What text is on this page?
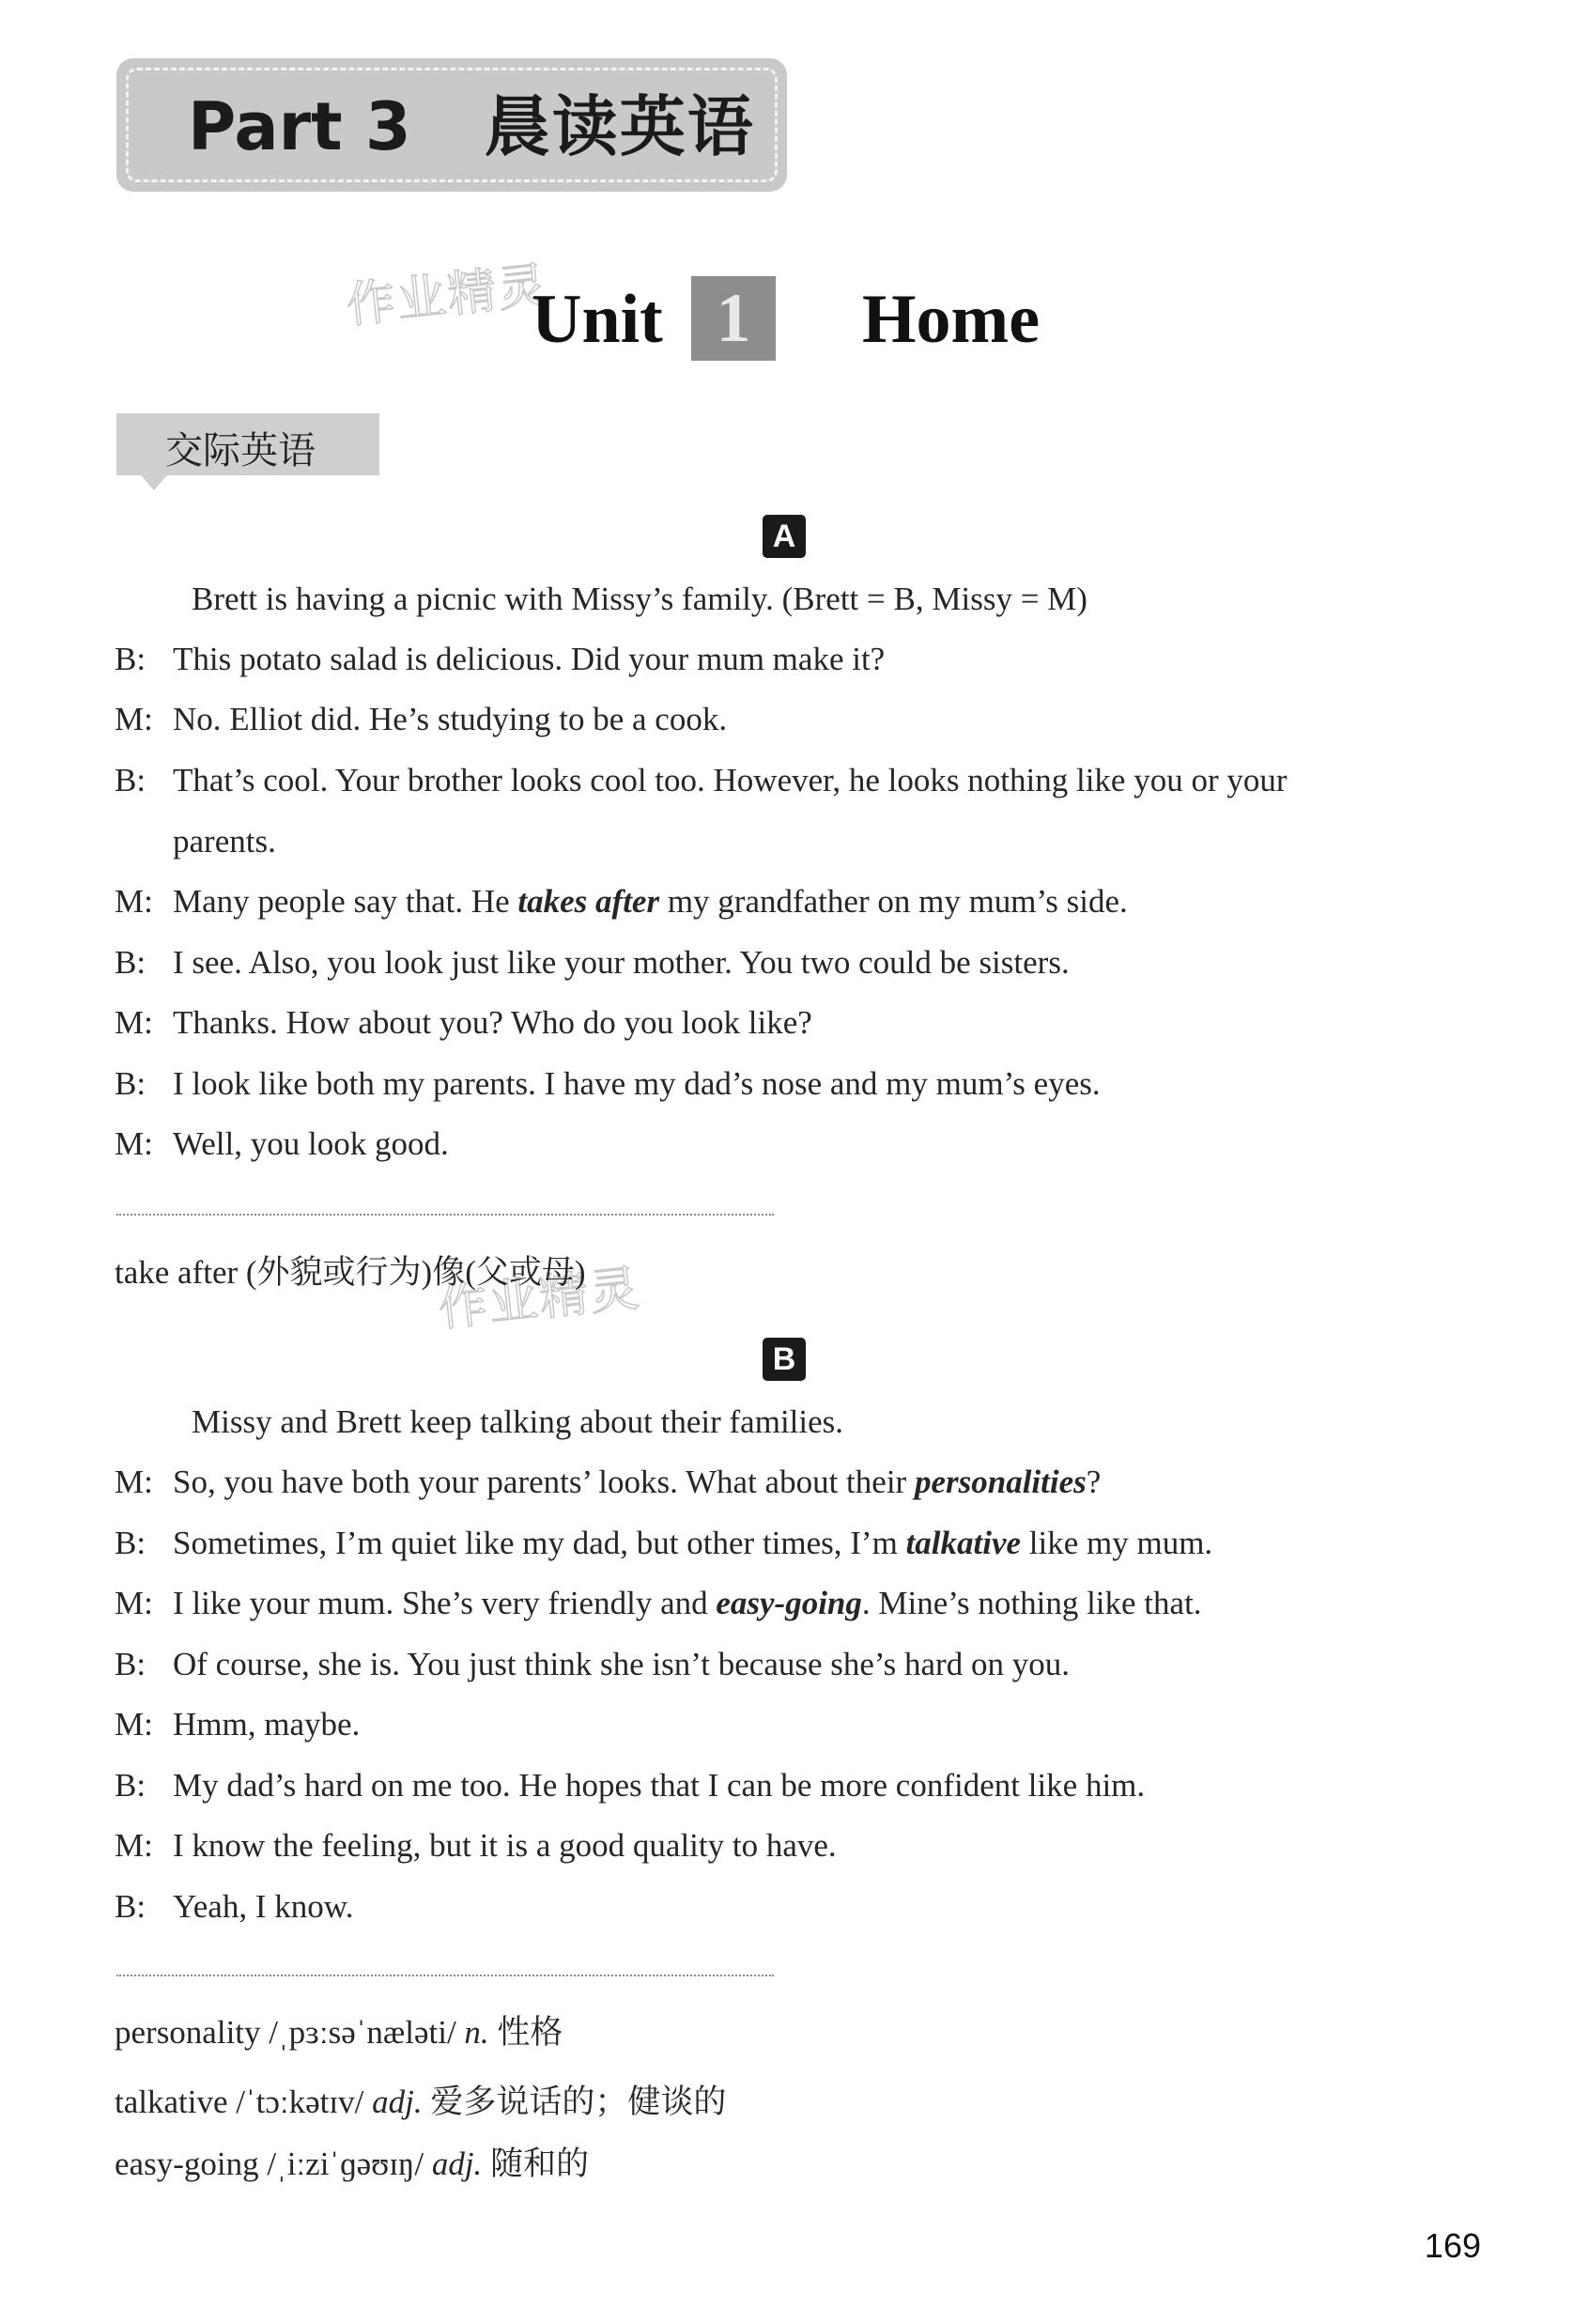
Part 3 晨读英语
作业精灵
作业精灵
Unit 1	Home
交际英语
A
Brett is having a picnic with Missy’s family. (Brett = B, Missy = M)
B: This potato salad is delicious. Did your mum make it?
M: No. Elliot did. He’s studying to be a cook.
B: That’s cool. Your brother looks cool too. However, he looks nothing like you or your
parents.
M: Many people say that. He takes after my grandfather on my mum’s side.
B: I see. Also, you look just like your mother. You two could be sisters.
M: Thanks. How about you? Who do you look like?
B: I look like both my parents. I have my dad’s nose and my mum’s eyes.
M: Well, you look good.
take after (外貌或行为)像(父或母)
B
Missy and Brett keep talking about their families.
M: So, you have both your parents’ looks. What about their personalities?
B: Sometimes, I’m quiet like my dad, but other times, I’m talkative like my mum.
M: I like your mum. She’s very friendly and easy-going. Mine’s nothing like that.
B: Of course, she is. You just think she isn’t because she’s hard on you.
M: Hmm, maybe.
B: My dad’s hard on me too. He hopes that I can be more confident like him.
M: I know the feeling, but it is a good quality to have.
B: Yeah, I know.
personality /ˌpɜːsəˈnæləti/ n. 性格
talkative /ˈtɔːkətɪv/ adj. 爱多说话的；健谈的
easy-going /ˌiːziˈɡəʊɪŋ/ adj. 随和的
169
